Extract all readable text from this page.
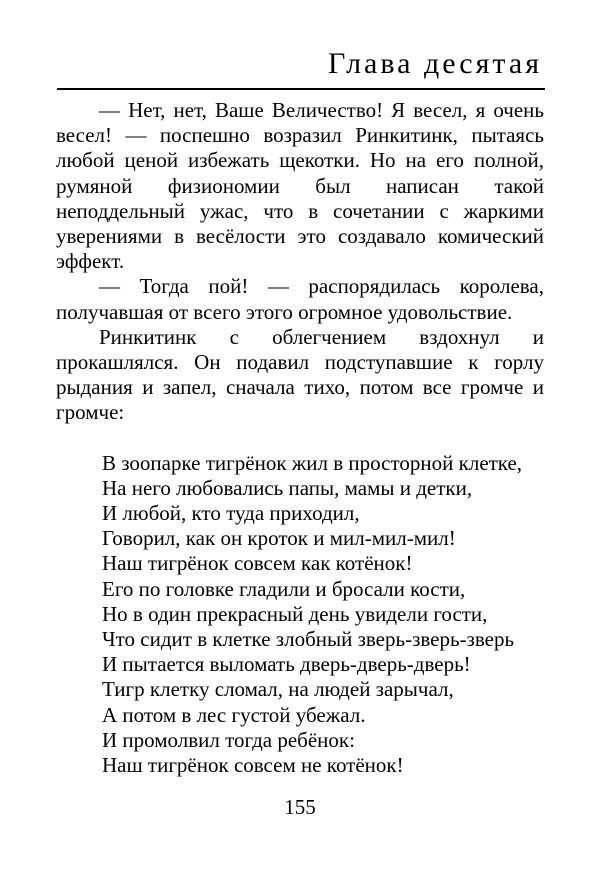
Глава десятая

— Нет, нет, Ваше Величество! Я весел, я очень весел! — поспешно возразил Ринкитинк, пытаясь любой ценой избежать щекотки. Но на его полной, румяной физиономии был написан такой неподдельный ужас, что в сочетании с жаркими уверениями в весёлости это создавало комический эффект.

— Тогда пой! — распорядилась королева, получавшая от всего этого огромное удовольствие.

Ринкитинк с облегчением вздохнул и прокашлялся. Он подавил подступавшие к горлу рыдания и запел, сначала тихо, потом все громче и громче:

В зоопарке тигрёнок жил в просторной клетке,
На него любовались папы, мамы и детки,
И любой, кто туда приходил,
Говорил, как он кроток и мил-мил-мил!
Наш тигрёнок совсем как котёнок!
Его по головке гладили и бросали кости,
Но в один прекрасный день увидели гости,
Что сидит в клетке злобный зверь-зверь-зверь
И пытается выломать дверь-дверь-дверь!
Тигр клетку сломал, на людей зарычал,
А потом в лес густой убежал.
И промолвил тогда ребёнок:
Наш тигрёнок совсем не котёнок!
155
